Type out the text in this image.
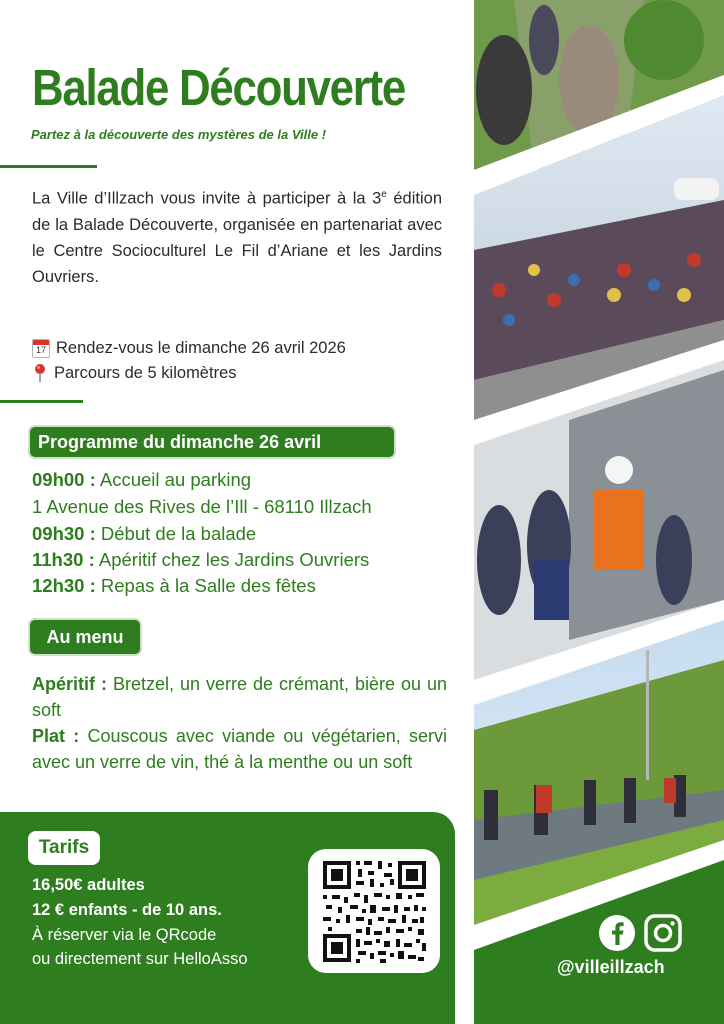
Balade Découverte
Partez à la découverte des mystères de la Ville !
La Ville d’Illzach vous invite à participer à la 3e édition de la Balade Découverte, organisée en partenariat avec le Centre Socioculturel Le Fil d’Ariane et les Jardins Ouvriers.
17 Rendez-vous le dimanche 26 avril 2026
Parcours de 5 kilomètres
Programme du dimanche 26 avril
09h00 : Accueil au parking
1 Avenue des Rives de l’Ill - 68110 Illzach
09h30 : Début de la balade
11h30 : Apéritif chez les Jardins Ouvriers
12h30 : Repas à la Salle des fêtes
Au menu
Apéritif : Bretzel, un verre de crémant, bière ou un soft
Plat : Couscous avec viande ou végétarien, servi avec un verre de vin, thé à la menthe ou un soft
Tarifs
16,50€ adultes
12 € enfants - de 10 ans.
À réserver via le QRcode
ou directement sur HelloAsso	@villeillzach
